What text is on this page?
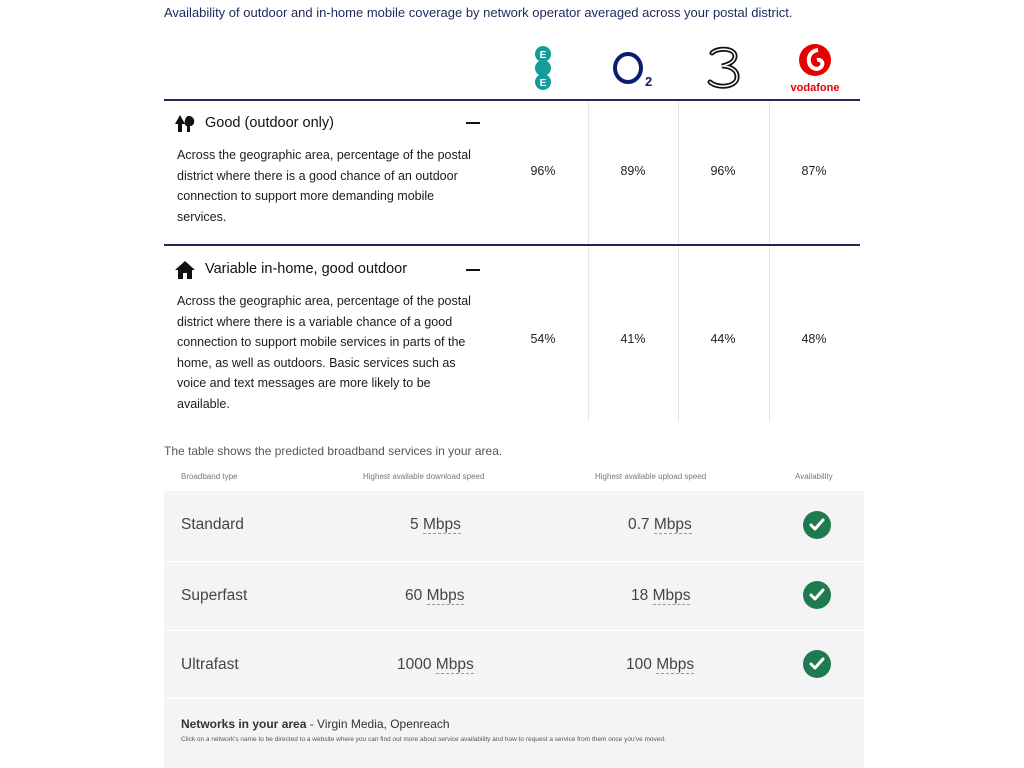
Availability of outdoor and in-home mobile coverage by network operator averaged across your postal district.
E
E	2	vodafone
Good (outdoor only)
Across the geographic area, percentage of the postal district where there is a good chance of an outdoor connection to support more demanding mobile services.
96%	89%	96%	87%
Variable in-home, good outdoor
Across the geographic area, percentage of the postal district where there is a variable chance of a good connection to support mobile services in parts of the home, as well as outdoors. Basic services such as voice and text messages are more likely to be available.
54%	41%	44%	48%
The table shows the predicted broadband services in your area.
Broadband type	Highest available download speed	Highest available upload speed	Availability
Standard	5 Mbps	0.7 Mbps
Superfast	60 Mbps	18 Mbps
Ultrafast	1000 Mbps	100 Mbps
Networks in your area - Virgin Media, Openreach
Click on a network's name to be directed to a website where you can find out more about service availability and how to request a service from them once you've moved.
